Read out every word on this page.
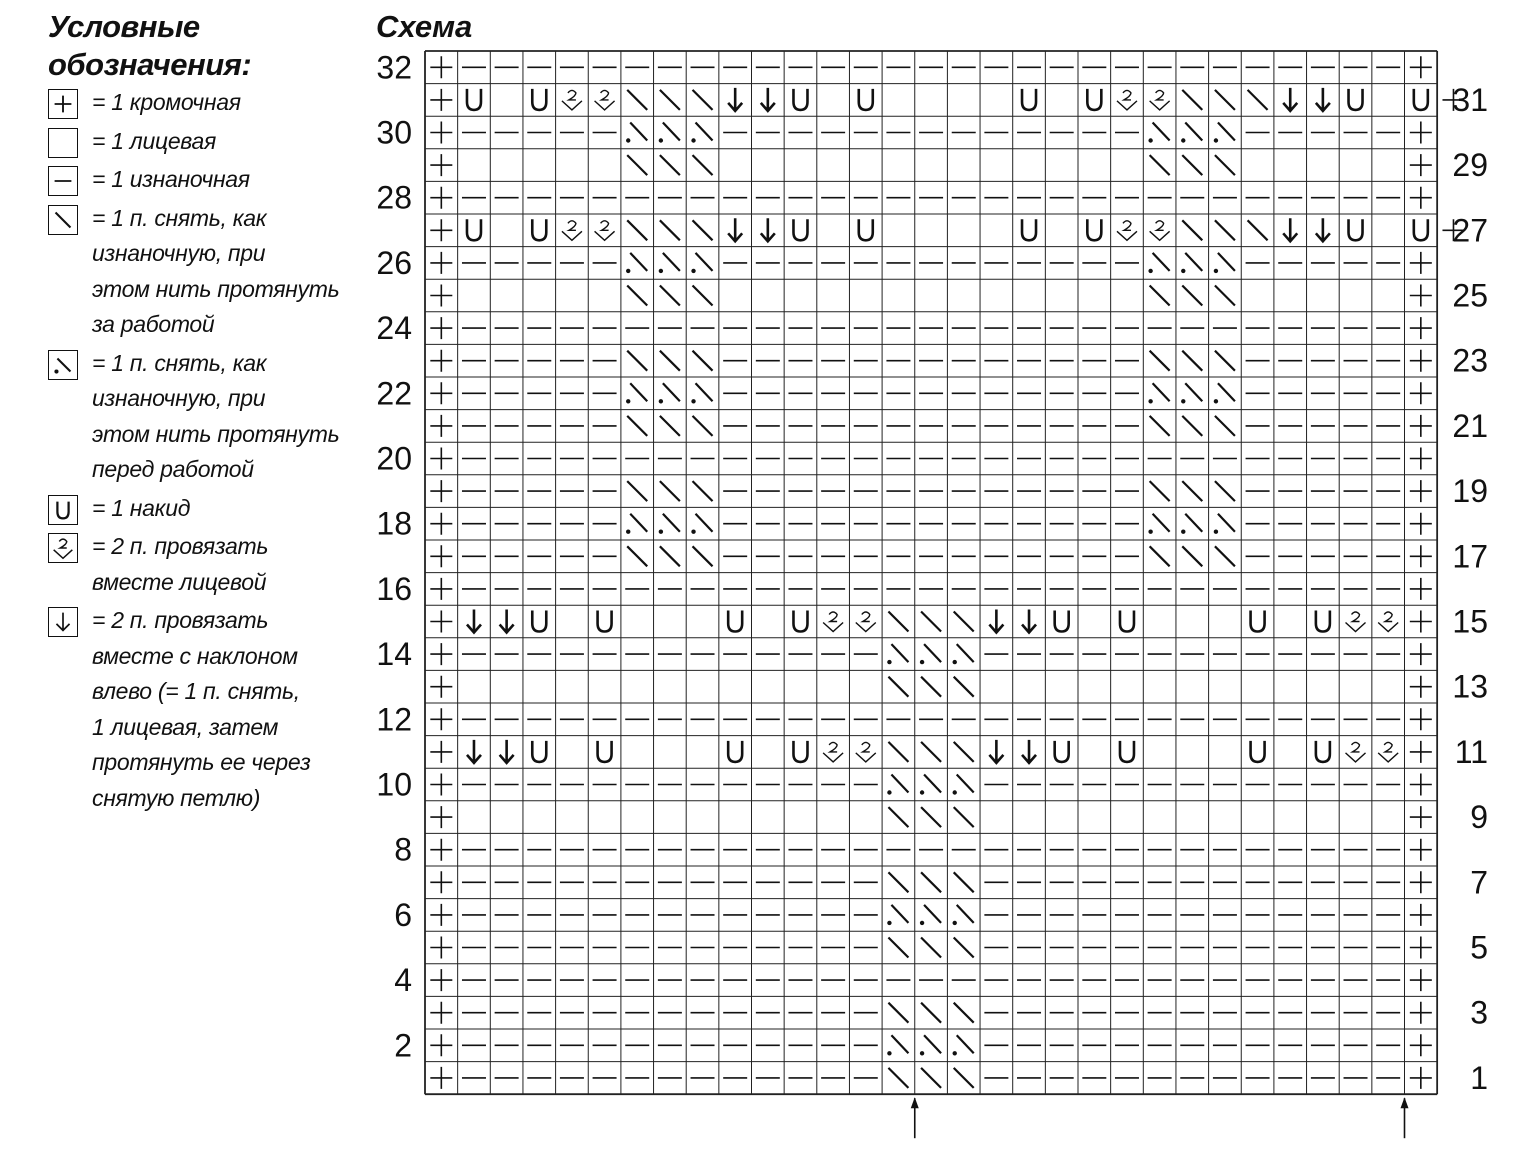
Условные
обозначения:
= 1 кромочная
= 1 лицевая
= 1 изнаночная
= 1 п. снять, как
изнаночную, при
этом нить протянуть
за работой
= 1 п. снять, как
изнаночную, при
этом нить протянуть
перед работой
= 1 накид
= 2 п. провязать
вместе лицевой
= 2 п. провязать
вместе с наклоном
влево (= 1 п. снять,
1 лицевая, затем
протянуть ее через
снятую петлю)
Схема
32
30
28
26
24
22
20
18
16
14
12
10
8
6
4
2
31
29
27
25
23
21
19
17
15
13
11
9
7
5
3
1
